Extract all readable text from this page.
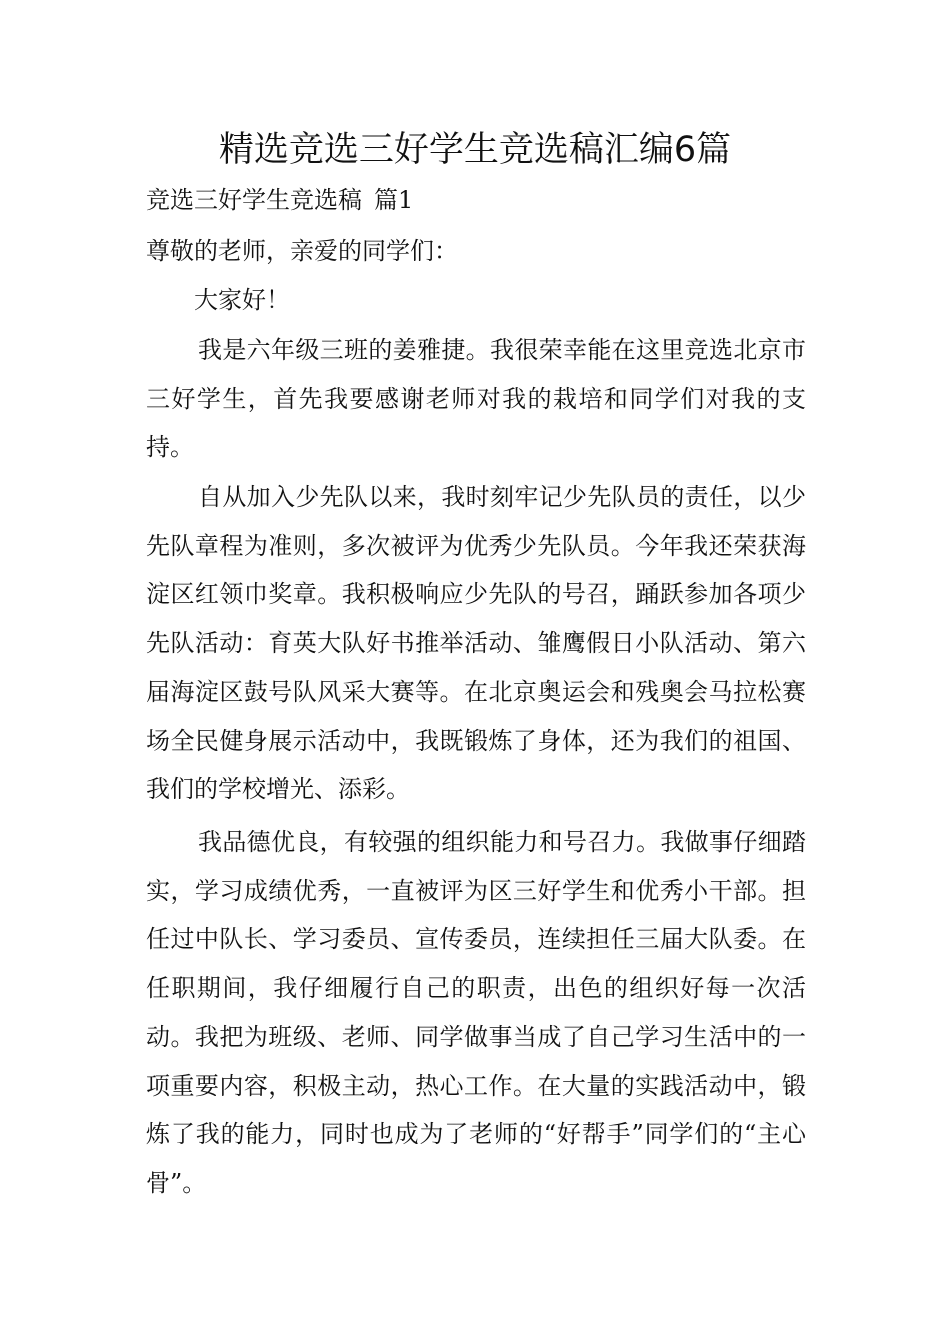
精选竞选三好学生竞选稿汇编6篇
竞选三好学生竞选稿 篇1
尊敬的老师，亲爱的同学们：
大家好！

我是六年级三班的姜雅捷。我很荣幸能在这里竞选北京市三好学生，首先我要感谢老师对我的栽培和同学们对我的支持。

自从加入少先队以来，我时刻牢记少先队员的责任，以少先队章程为准则，多次被评为优秀少先队员。今年我还荣获海淀区红领巾奖章。我积极响应少先队的号召，踊跃参加各项少先队活动：育英大队好书推举活动、雏鹰假日小队活动、第六届海淀区鼓号队风采大赛等。在北京奥运会和残奥会马拉松赛场全民健身展示活动中，我既锻炼了身体，还为我们的祖国、我们的学校增光、添彩。

我品德优良，有较强的组织能力和号召力。我做事仔细踏实，学习成绩优秀，一直被评为区三好学生和优秀小干部。担任过中队长、学习委员、宣传委员，连续担任三届大队委。在任职期间，我仔细履行自己的职责，出色的组织好每一次活动。我把为班级、老师、同学做事当成了自己学习生活中的一项重要内容，积极主动，热心工作。在大量的实践活动中，锻炼了我的能力，同时也成为了老师的“好帮手”同学们的“主心骨”。
